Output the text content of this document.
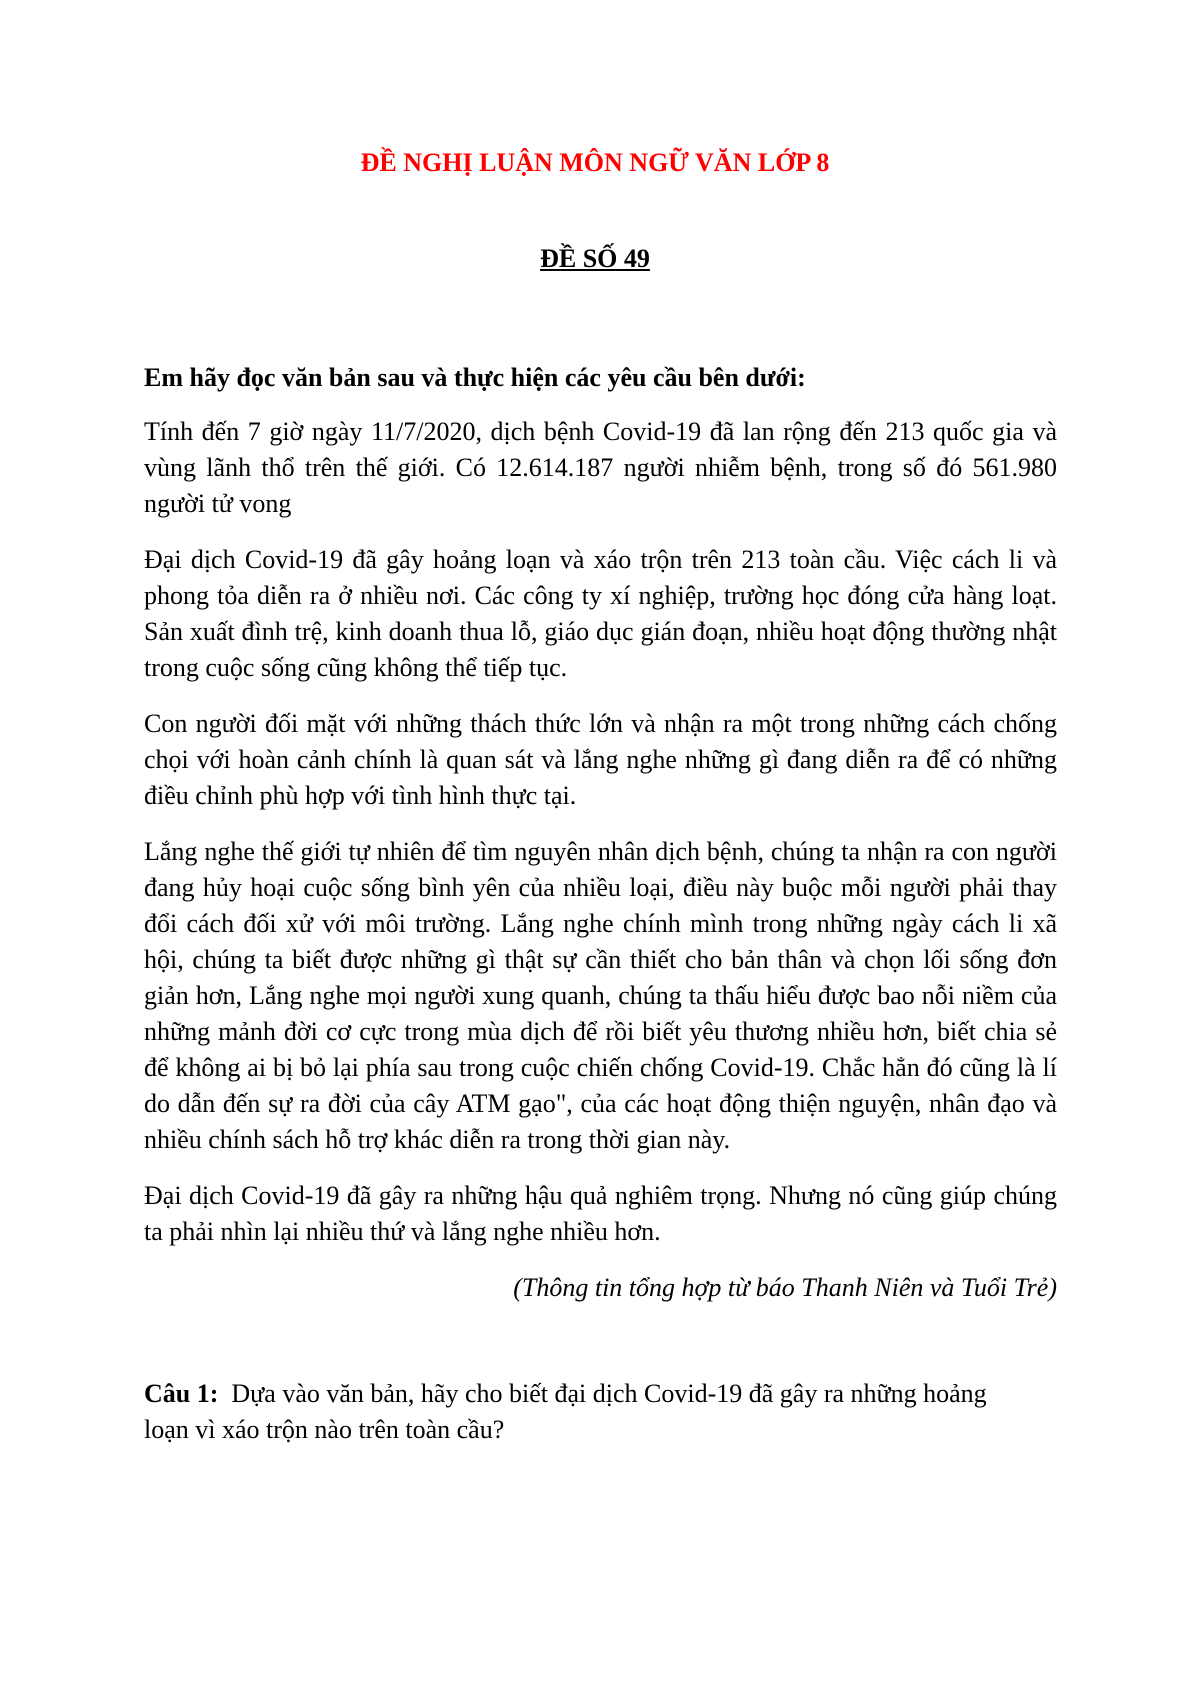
ĐỀ NGHỊ LUẬN MÔN NGỮ VĂN LỚP 8
ĐỀ SỐ 49

Em hãy đọc văn bản sau và thực hiện các yêu cầu bên dưới:

Tính đến 7 giờ ngày 11/7/2020, dịch bệnh Covid-19 đã lan rộng đến 213 quốc gia và vùng lãnh thổ trên thế giới. Có 12.614.187 người nhiễm bệnh, trong số đó 561.980 người tử vong

Đại dịch Covid-19 đã gây hoảng loạn và xáo trộn trên 213 toàn cầu. Việc cách li và phong tỏa diễn ra ở nhiều nơi. Các công ty xí nghiệp, trường học đóng cửa hàng loạt. Sản xuất đình trệ, kinh doanh thua lỗ, giáo dục gián đoạn, nhiều hoạt động thường nhật trong cuộc sống cũng không thể tiếp tục.

Con người đối mặt với những thách thức lớn và nhận ra một trong những cách chống chọi với hoàn cảnh chính là quan sát và lắng nghe những gì đang diễn ra để có những điều chỉnh phù hợp với tình hình thực tại.

Lắng nghe thế giới tự nhiên để tìm nguyên nhân dịch bệnh, chúng ta nhận ra con người đang hủy hoại cuộc sống bình yên của nhiều loại, điều này buộc mỗi người phải thay đổi cách đối xử với môi trường. Lắng nghe chính mình trong những ngày cách li xã hội, chúng ta biết được những gì thật sự cần thiết cho bản thân và chọn lối sống đơn giản hơn, Lắng nghe mọi người xung quanh, chúng ta thấu hiểu được bao nỗi niềm của những mảnh đời cơ cực trong mùa dịch để rồi biết yêu thương nhiều hơn, biết chia sẻ để không ai bị bỏ lại phía sau trong cuộc chiến chống Covid-19. Chắc hẳn đó cũng là lí do dẫn đến sự ra đời của cây ATM gạo", của các hoạt động thiện nguyện, nhân đạo và nhiều chính sách hỗ trợ khác diễn ra trong thời gian này.

Đại dịch Covid-19 đã gây ra những hậu quả nghiêm trọng. Nhưng nó cũng giúp chúng ta phải nhìn lại nhiều thứ và lắng nghe nhiều hơn.

(Thông tin tổng hợp từ báo Thanh Niên và Tuổi Trẻ)

Câu 1: Dựa vào văn bản, hãy cho biết đại dịch Covid-19 đã gây ra những hoảng loạn vì xáo trộn nào trên toàn cầu?
